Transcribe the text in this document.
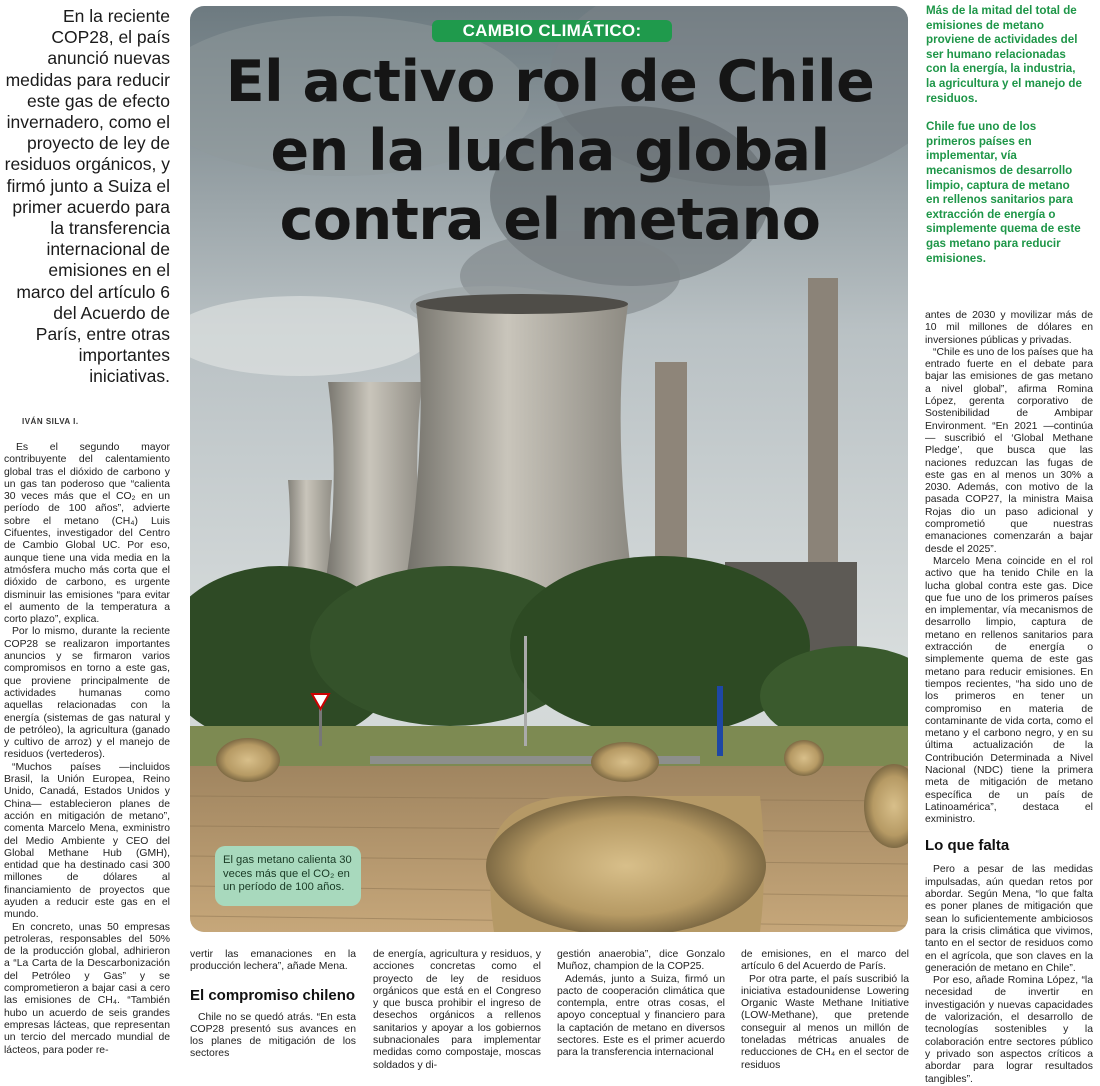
En la reciente COP28, el país anunció nuevas medidas para reducir este gas de efecto invernadero, como el proyecto de ley de residuos orgánicos, y firmó junto a Suiza el primer acuerdo para la transferencia internacional de emisiones en el marco del artículo 6 del Acuerdo de París, entre otras importantes iniciativas.
IVÁN SILVA I.

Es el segundo mayor contribuyente del calentamiento global tras el dióxido de carbono y un gas tan poderoso que “calienta 30 veces más que el CO₂ en un período de 100 años”, advierte sobre el metano (CH₄) Luis Cifuentes, investigador del Centro de Cambio Global UC. Por eso, aunque tiene una vida media en la atmósfera mucho más corta que el dióxido de carbono, es urgente disminuir las emisiones “para evitar el aumento de la temperatura a corto plazo”, explica.

Por lo mismo, durante la reciente COP28 se realizaron importantes anuncios y se firmaron varios compromisos en torno a este gas, que proviene principalmente de actividades humanas como aquellas relacionadas con la energía (sistemas de gas natural y de petróleo), la agricultura (ganado y cultivo de arroz) y el manejo de residuos (vertederos).

“Muchos países —incluidos Brasil, la Unión Europea, Reino Unido, Canadá, Estados Unidos y China— establecieron planes de acción en mitigación de metano”, comenta Marcelo Mena, exministro del Medio Ambiente y CEO del Global Methane Hub (GMH), entidad que ha destinado casi 300 millones de dólares al financiamiento de proyectos que ayuden a reducir este gas en el mundo.

En concreto, unas 50 empresas petroleras, responsables del 50% de la producción global, adhirieron a “La Carta de la Descarbonización del Petróleo y Gas” y se comprometieron a bajar casi a cero las emisiones de CH₄. “También hubo un acuerdo de seis grandes empresas lácteas, que representan un tercio del mercado mundial de lácteos, para poder re-

CAMBIO CLIMÁTICO:
El activo rol de Chile
en la lucha global
contra el metano
El gas metano calienta 30 veces más que el CO₂ en un período de 100 años.

Más de la mitad del total de emisiones de metano proviene de actividades del ser humano relacionadas con la energía, la industria, la agricultura y el manejo de residuos.

Chile fue uno de los primeros países en implementar, vía mecanismos de desarrollo limpio, captura de metano en rellenos sanitarios para extracción de energía o simplemente quema de este gas metano para reducir emisiones.

vertir las emanaciones en la producción lechera”, añade Mena.

El compromiso chileno

Chile no se quedó atrás. “En esta COP28 presentó sus avances en los planes de mitigación de los sectores

de energía, agricultura y residuos, y acciones concretas como el proyecto de ley de residuos orgánicos que está en el Congreso y que busca prohibir el ingreso de desechos orgánicos a rellenos sanitarios y apoyar a los gobiernos subnacionales para implementar medidas como compostaje, moscas soldados y di-

gestión anaerobia”, dice Gonzalo Muñoz, champion de la COP25.

Además, junto a Suiza, firmó un pacto de cooperación climática que contempla, entre otras cosas, el apoyo conceptual y financiero para la captación de metano en diversos sectores. Este es el primer acuerdo para la transferencia internacional

de emisiones, en el marco del artículo 6 del Acuerdo de París.

Por otra parte, el país suscribió la iniciativa estadounidense Lowering Organic Waste Methane Initiative (LOW-Methane), que pretende conseguir al menos un millón de toneladas métricas anuales de reducciones de CH₄ en el sector de residuos

antes de 2030 y movilizar más de 10 mil millones de dólares en inversiones públicas y privadas.

“Chile es uno de los países que ha entrado fuerte en el debate para bajar las emisiones de gas metano a nivel global”, afirma Romina López, gerenta corporativo de Sostenibilidad de Ambipar Environment. “En 2021 —continúa— suscribió el ‘Global Methane Pledge’, que busca que las naciones reduzcan las fugas de este gas en al menos un 30% a 2030. Además, con motivo de la pasada COP27, la ministra Maisa Rojas dio un paso adicional y comprometió que nuestras emanaciones comenzarán a bajar desde el 2025”.

Marcelo Mena coincide en el rol activo que ha tenido Chile en la lucha global contra este gas. Dice que fue uno de los primeros países en implementar, vía mecanismos de desarrollo limpio, captura de metano en rellenos sanitarios para extracción de energía o simplemente quema de este gas metano para reducir emisiones. En tiempos recientes, “ha sido uno de los primeros en tener un compromiso en materia de contaminante de vida corta, como el metano y el carbono negro, y en su última actualización de la Contribución Determinada a Nivel Nacional (NDC) tiene la primera meta de mitigación de metano específica de un país de Latinoamérica”, destaca el exministro.

Lo que falta

Pero a pesar de las medidas impulsadas, aún quedan retos por abordar. Según Mena, “lo que falta es poner planes de mitigación que sean lo suficientemente ambiciosos para la crisis climática que vivimos, tanto en el sector de residuos como en el agrícola, que son claves en la generación de metano en Chile”.

Por eso, añade Romina López, “la necesidad de invertir en investigación y nuevas capacidades de valorización, el desarrollo de tecnologías sostenibles y la colaboración entre sectores público y privado son aspectos críticos a abordar para lograr resultados tangibles”.
